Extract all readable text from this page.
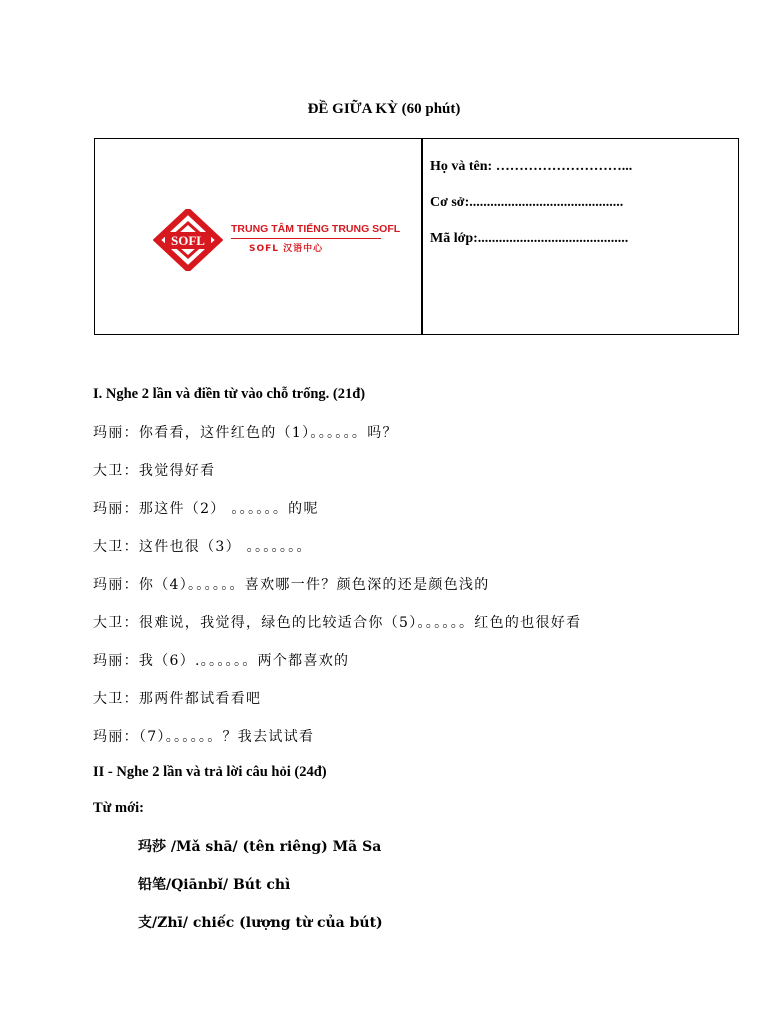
ĐỀ GIỮA KỲ (60 phút)
SOFL
TRUNG TÂM TIẾNG TRUNG SOFL
SOFL 汉语中心
Họ và tên: ………………………...
Cơ sở:............................................
Mã lớp:...........................................
I. Nghe 2 lần và điền từ vào chỗ trống. (21đ)
玛丽：你看看，这件红色的（1）。。。。。。吗？
大卫：我觉得好看
玛丽：那这件（2） 。。。。。。的呢
大卫：这件也很（3） 。。。。。。。
玛丽：你（4）。。。。。。喜欢哪一件？颜色深的还是颜色浅的
大卫：很难说，我觉得，绿色的比较适合你（5）。。。。。。红色的也很好看
玛丽：我（6）.。。。。。。两个都喜欢的
大卫：那两件都试看看吧
玛丽：（7）。。。。。。？我去试试看
II - Nghe 2 lần và trả lời câu hỏi (24đ)
Từ mới:
玛莎 /Mǎ shā/ (tên riêng) Mã Sa
铅笔/Qiānbǐ/ Bút chì
支/Zhī/ chiếc (lượng từ của bút)
